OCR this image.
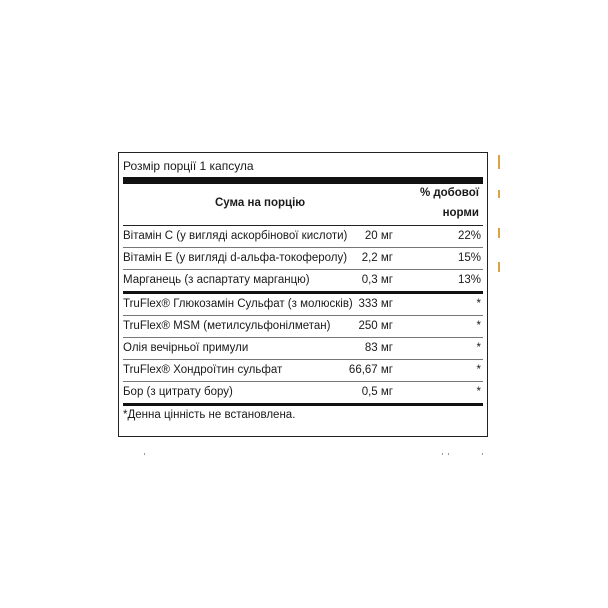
Розмір порції 1 капсула
Сума на порцію
% добової
норми
Вітамін С (у вигляді аскорбінової кислоти) 20 мг	22%
Вітамін Е (у вигляді d-альфа-токоферолу) 2,2 мг	15%
Марганець (з аспартату марганцю)	0,3 мг	13%
TruFlex® Глюкозамін Сульфат (з молюсків) 333 мг	*
TruFlex® MSM (метилсульфонілметан) 250 мг	*
Олія вечірньої примули	83 мг	*
TruFlex® Хондроїтин сульфат	66,67 мг	*
Бор (з цитрату бору)	0,5 мг	*
*Денна цінність не встановлена.
